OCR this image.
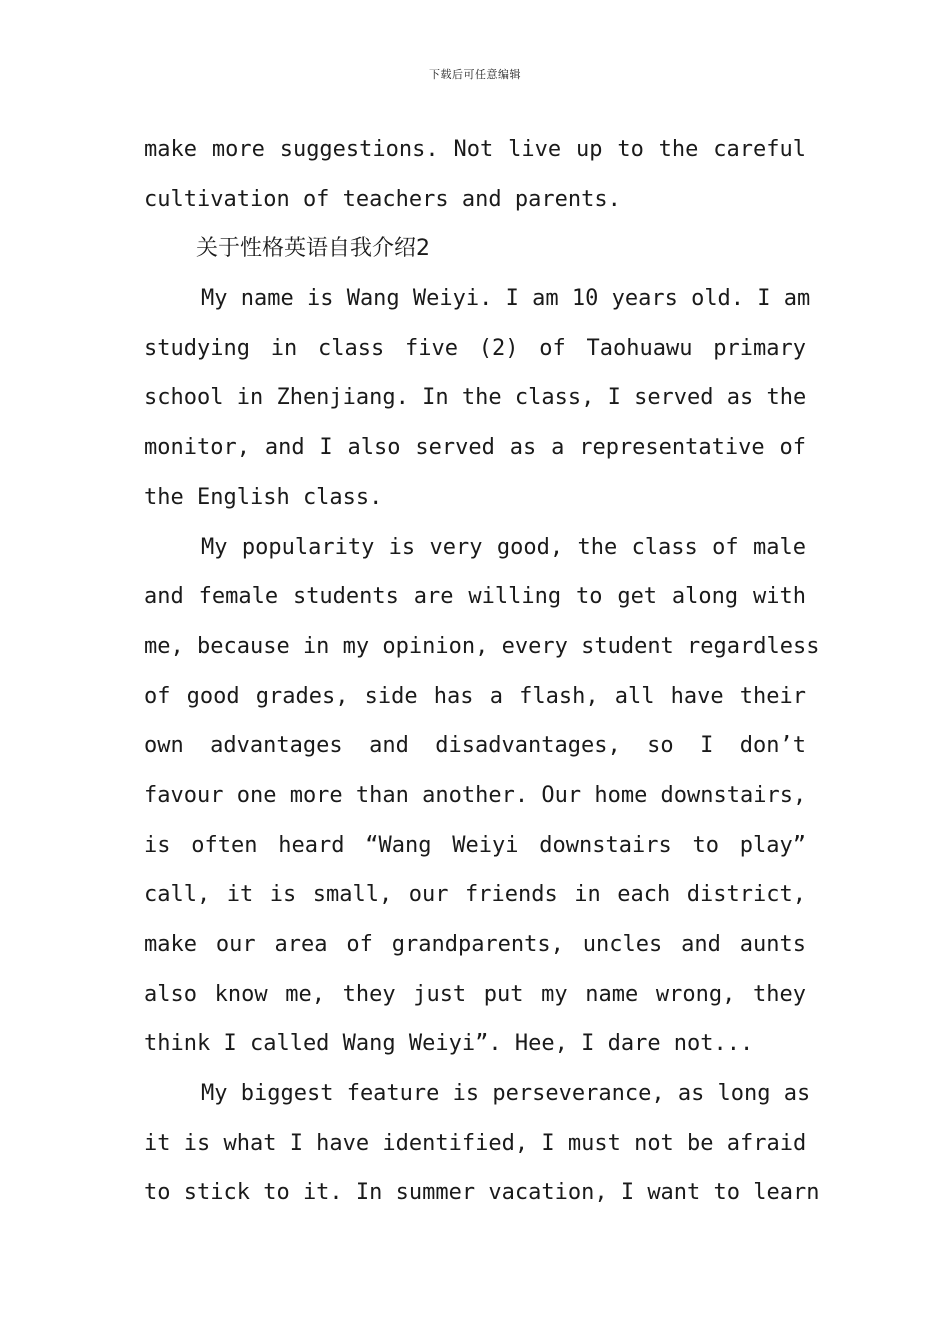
下载后可任意编辑
make more suggestions. Not live up to the careful
cultivation of teachers and parents.
关于性格英语自我介绍2
My name is Wang Weiyi. I am 10 years old. I am
studying in class five (2) of Taohuawu primary
school in Zhenjiang. In the class, I served as the
monitor, and I also served as a representative of
the English class.
My popularity is very good, the class of male
and female students are willing to get along with
me, because in my opinion, every student regardless
of good grades, side has a flash, all have their
own advantages and disadvantages, so I don’t
favour one more than another. Our home downstairs,
is often heard “Wang Weiyi downstairs to play”
call, it is small, our friends in each district,
make our area of grandparents, uncles and aunts
also know me, they just put my name wrong, they
think I called Wang Weiyi”. Hee, I dare not...
My biggest feature is perseverance, as long as
it is what I have identified, I must not be afraid
to stick to it. In summer vacation, I want to learn
